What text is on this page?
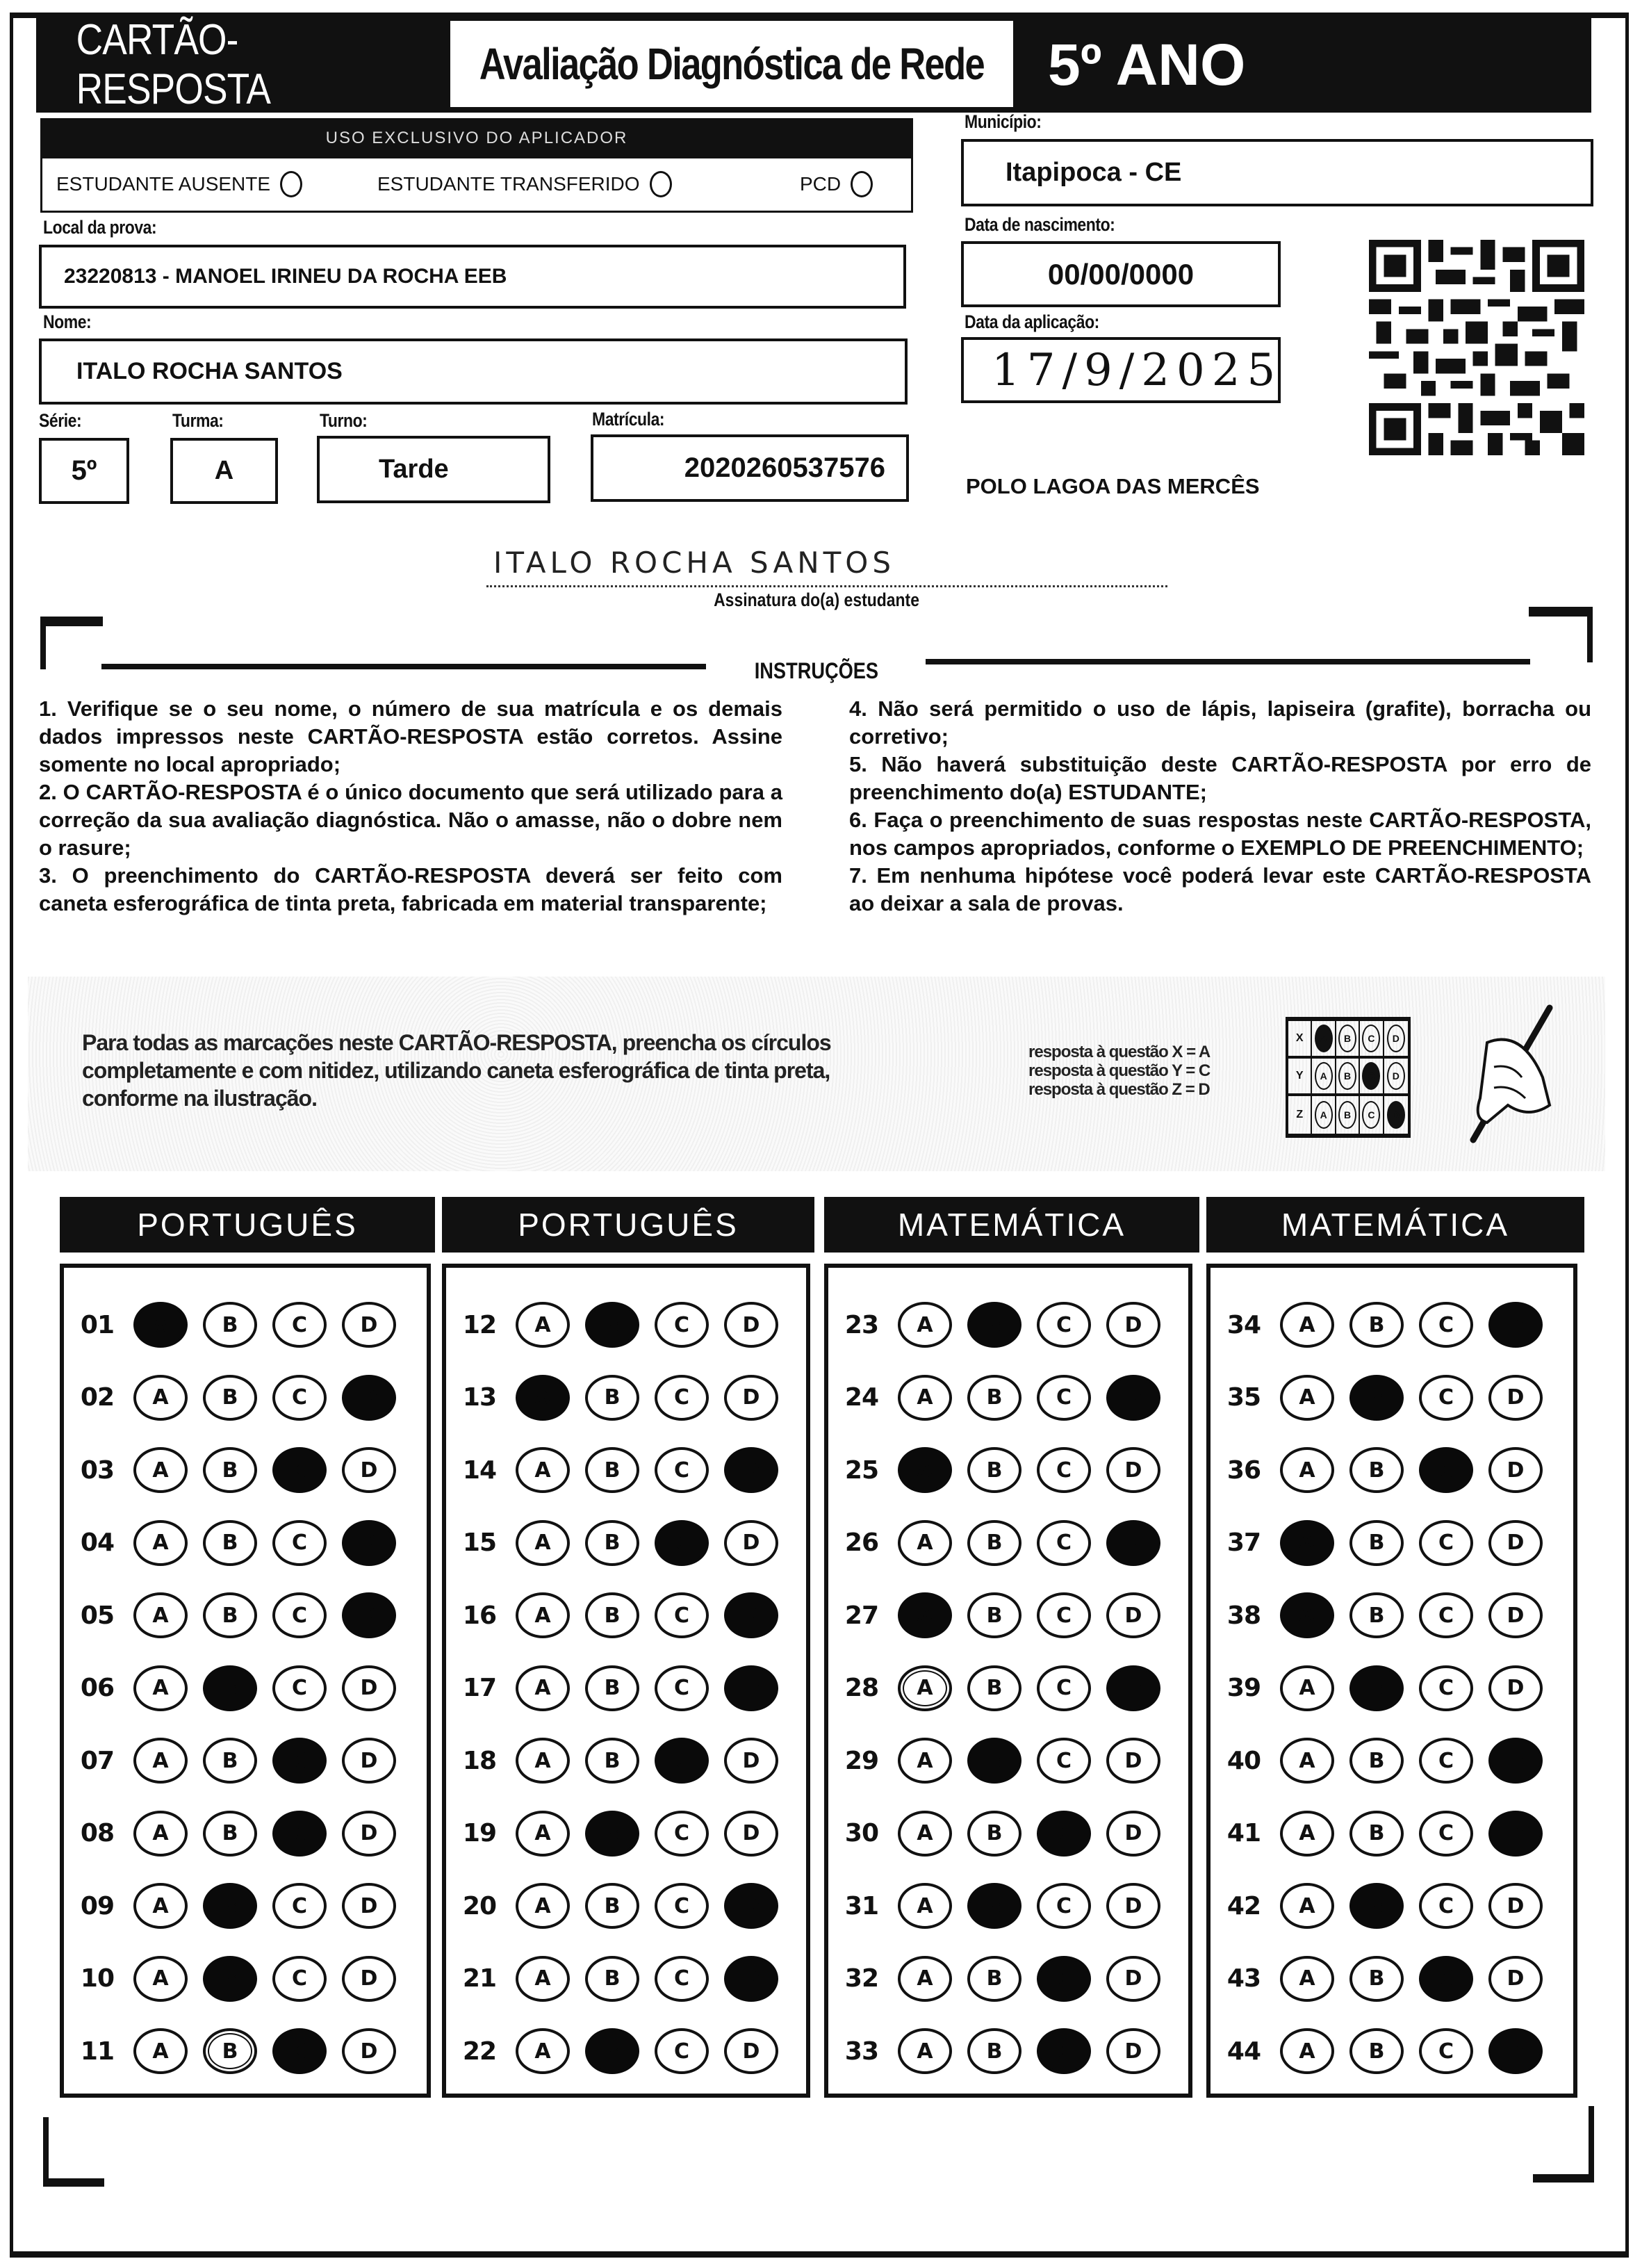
CARTÃO-RESPOSTA
Avaliação Diagnóstica de Rede 5º ANO
USO EXCLUSIVO DO APLICADOR
ESTUDANTE AUSENTE	ESTUDANTE TRANSFERIDO	PCD
Local da prova:
23220813 - MANOEL IRINEU DA ROCHA EEB
Nome:
ITALO ROCHA SANTOS
Série:
5º
Turma:
A
Turno:
Tarde
Matrícula:
2020260537576
Município:
Itapipoca - CE
Data de nascimento:
00/00/0000
Data da aplicação:
17/9/2025
POLO LAGOA DAS MERCÊS
ITALO ROCHA SANTOS
Assinatura do(a) estudante
INSTRUÇÕES

1. Verifique se o seu nome, o número de sua matrícula e os demais dados impressos neste CARTÃO-RESPOSTA estão corretos. Assine somente no local apropriado;

2. O CARTÃO-RESPOSTA é o único documento que será utilizado para a correção da sua avaliação diagnóstica. Não o amasse, não o dobre nem o rasure;

3. O preenchimento do CARTÃO-RESPOSTA deverá ser feito com caneta esferográfica de tinta preta, fabricada em material transparente;

4. Não será permitido o uso de lápis, lapiseira (grafite), borracha ou corretivo;

5. Não haverá substituição deste CARTÃO-RESPOSTA por erro de preenchimento do(a) ESTUDANTE;

6. Faça o preenchimento de suas respostas neste CARTÃO-RESPOSTA, nos campos apropriados, conforme o EXEMPLO DE PREENCHIMENTO;

7. Em nenhuma hipótese você poderá levar este CARTÃO-RESPOSTA ao deixar a sala de provas.

Para todas as marcações neste CARTÃO-RESPOSTA, preencha os círculos completamente e com nitidez, utilizando caneta esferográfica de tinta preta, conforme na ilustração.
resposta à questão X = A
resposta à questão Y = C
resposta à questão Z = D
X	A	B	C	D
Y	A	B	C	D
Z	A	B	C	D
PORTUGUÊS	PORTUGUÊS	MATEMÁTICA	MATEMÁTICA
01	A	B	C	D
02	A	B	C	D
03	A	B	C	D
04	A	B	C	D
05	A	B	C	D
06	A	B	C	D
07	A	B	C	D
08	A	B	C	D
09	A	B	C	D
10	A	B	C	D
11	A	B	C	D
12	A	B	C	D
13	A	B	C	D
14	A	B	C	D
15	A	B	C	D
16	A	B	C	D
17	A	B	C	D
18	A	B	C	D
19	A	B	C	D
20	A	B	C	D
21	A	B	C	D
22	A	B	C	D
23	A	B	C	D
24	A	B	C	D
25	A	B	C	D
26	A	B	C	D
27	A	B	C	D
28	A	B	C	D
29	A	B	C	D
30	A	B	C	D
31	A	B	C	D
32	A	B	C	D
33	A	B	C	D
34	A	B	C	D
35	A	B	C	D
36	A	B	C	D
37	A	B	C	D
38	A	B	C	D
39	A	B	C	D
40	A	B	C	D
41	A	B	C	D
42	A	B	C	D
43	A	B	C	D
44	A	B	C	D
